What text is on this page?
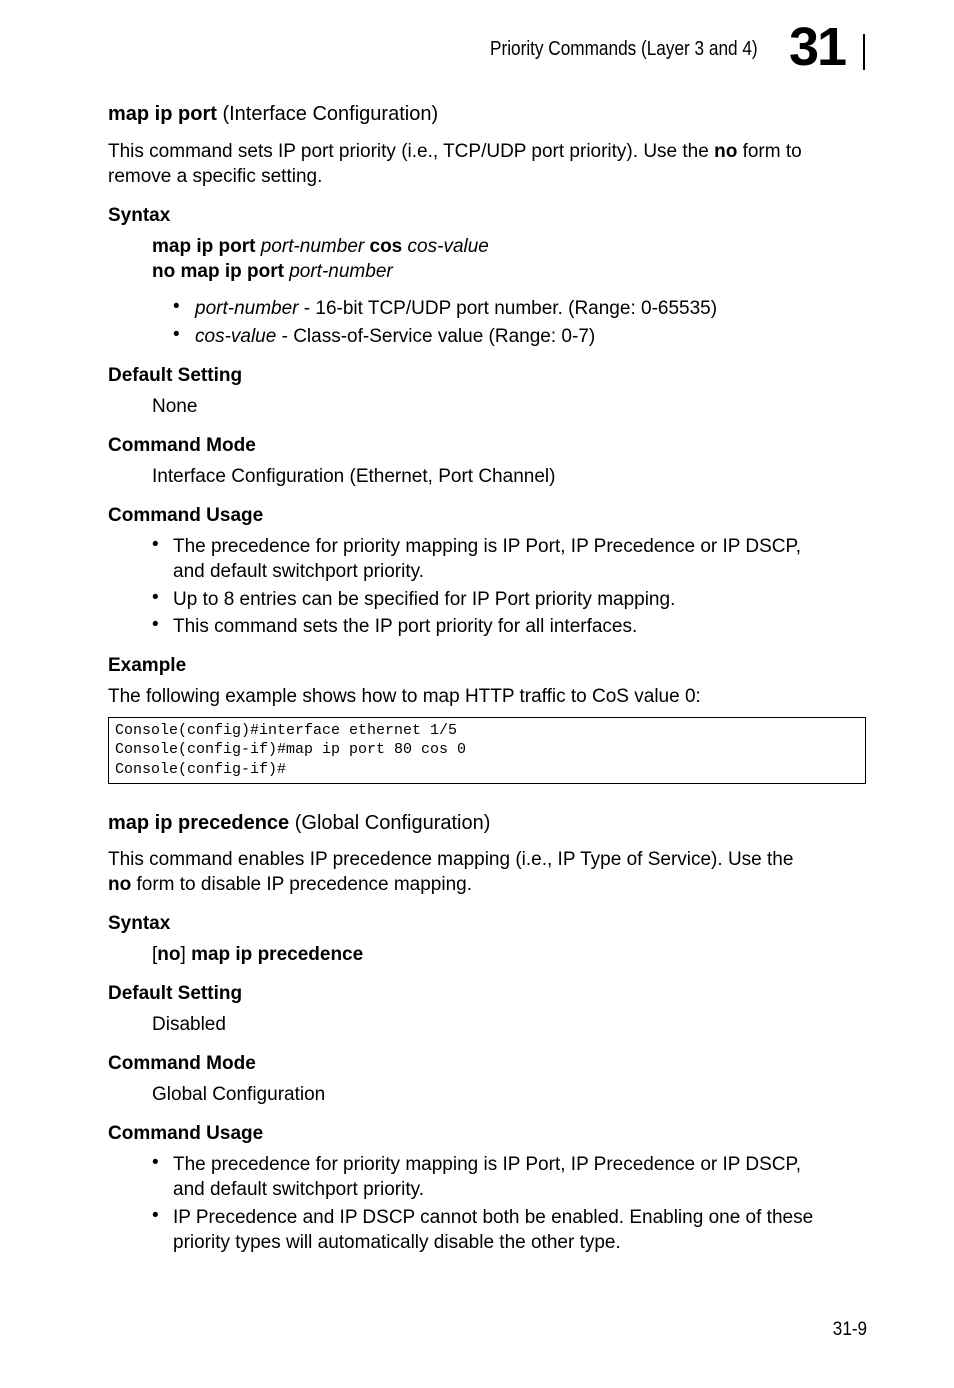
Priority Commands (Layer 3 and 4) 31
map ip port (Interface Configuration)
This command sets IP port priority (i.e., TCP/UDP port priority). Use the no form to
remove a specific setting.
Syntax
map ip port port-number cos cos-value
no map ip port port-number
• port-number - 16-bit TCP/UDP port number. (Range: 0-65535)
• cos-value - Class-of-Service value (Range: 0-7)
Default Setting
None
Command Mode
Interface Configuration (Ethernet, Port Channel)
Command Usage
• The precedence for priority mapping is IP Port, IP Precedence or IP DSCP,
and default switchport priority.
• Up to 8 entries can be specified for IP Port priority mapping.
• This command sets the IP port priority for all interfaces.
Example
The following example shows how to map HTTP traffic to CoS value 0:
Console(config)#interface ethernet 1/5
Console(config-if)#map ip port 80 cos 0
Console(config-if)#
map ip precedence (Global Configuration)
This command enables IP precedence mapping (i.e., IP Type of Service). Use the
no form to disable IP precedence mapping.
Syntax
[no] map ip precedence
Default Setting
Disabled
Command Mode
Global Configuration
Command Usage
• The precedence for priority mapping is IP Port, IP Precedence or IP DSCP,
and default switchport priority.
• IP Precedence and IP DSCP cannot both be enabled. Enabling one of these
priority types will automatically disable the other type.
31-9
